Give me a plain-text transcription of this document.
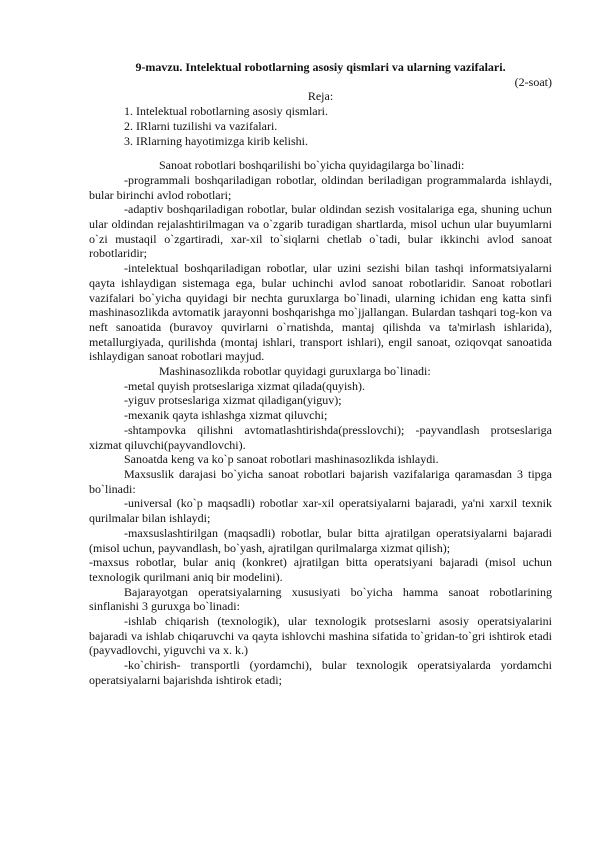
9-mavzu. Intelektual robotlarning asosiy qismlari va ularning vazifalari.

(2-soat)

Reja:

1. Intelektual robotlarning asosiy qismlari.
2. IRlarni tuzilishi va vazifalari.
3. IRlarning hayotimizga kirib kelishi.

Sanoat robotlari boshqarilishi bo`yicha quyidagilarga bo`linadi:

-programmali boshqariladigan robotlar, oldindan beriladigan programmalarda ishlaydi, bular birinchi avlod robotlari;

-adaptiv boshqariladigan robotlar, bular oldindan sezish vositalariga ega, shuning uchun ular oldindan rejalashtirilmagan va o`zgarib turadigan shartlarda, misol uchun ular buyumlarni o`zi mustaqil o`zgartiradi, xar-xil to`siqlarni chetlab o`tadi, bular ikkinchi avlod sanoat robotlaridir;

-intelektual boshqariladigan robotlar, ular uzini sezishi bilan tashqi informatsiyalarni qayta ishlaydigan sistemaga ega, bular uchinchi avlod sanoat robotlaridir. Sanoat robotlari vazifalari bo`yicha quyidagi bir nechta guruxlarga bo`linadi, ularning ichidan eng katta sinfi mashinasozlikda avtomatik jarayonni boshqarishga mo`jjallangan. Bulardan tashqari tog-kon va neft sanoatida (buravoy quvirlarni o`rnatishda, mantaj qilishda va ta'mirlash ishlarida), metallurgiyada, qurilishda (montaj ishlari, transport ishlari), engil sanoat, oziqovqat sanoatida ishlaydigan sanoat robotlari mayjud.

Mashinasozlikda robotlar quyidagi guruxlarga bo`linadi:

-metal quyish protseslariga xizmat qilada(quyish).

-yiguv protseslariga xizmat qiladigan(yiguv);

-mexanik qayta ishlashga xizmat qiluvchi;

-shtampovka qilishni avtomatlashtirishda(presslovchi); -payvandlash protseslariga xizmat qiluvchi(payvandlovchi).

Sanoatda keng va ko`p sanoat robotlari mashinasozlikda ishlaydi.

Maxsuslik darajasi bo`yicha sanoat robotlari bajarish vazifalariga qaramasdan 3 tipga bo`linadi:

-universal (ko`p maqsadli) robotlar xar-xil operatsiyalarni bajaradi, ya'ni xarxil texnik qurilmalar bilan ishlaydi;

-maxsuslashtirilgan (maqsadli) robotlar, bular bitta ajratilgan operatsiyalarni bajaradi (misol uchun, payvandlash, bo`yash, ajratilgan qurilmalarga xizmat qilish);

-maxsus robotlar, bular aniq (konkret) ajratilgan bitta operatsiyani bajaradi (misol uchun texnologik qurilmani aniq bir modelini).

Bajarayotgan operatsiyalarning xususiyati bo`yicha hamma sanoat robotlarining sinflanishi 3 guruxga bo`linadi:

-ishlab chiqarish (texnologik), ular texnologik protseslarni asosiy operatsiyalarini bajaradi va ishlab chiqaruvchi va qayta ishlovchi mashina sifatida to`gridan-to`gri ishtirok etadi (payvadlovchi, yiguvchi va x. k.)

-ko`chirish- transportli (yordamchi), bular texnologik operatsiyalarda yordamchi operatsiyalarni bajarishda ishtirok etadi;
